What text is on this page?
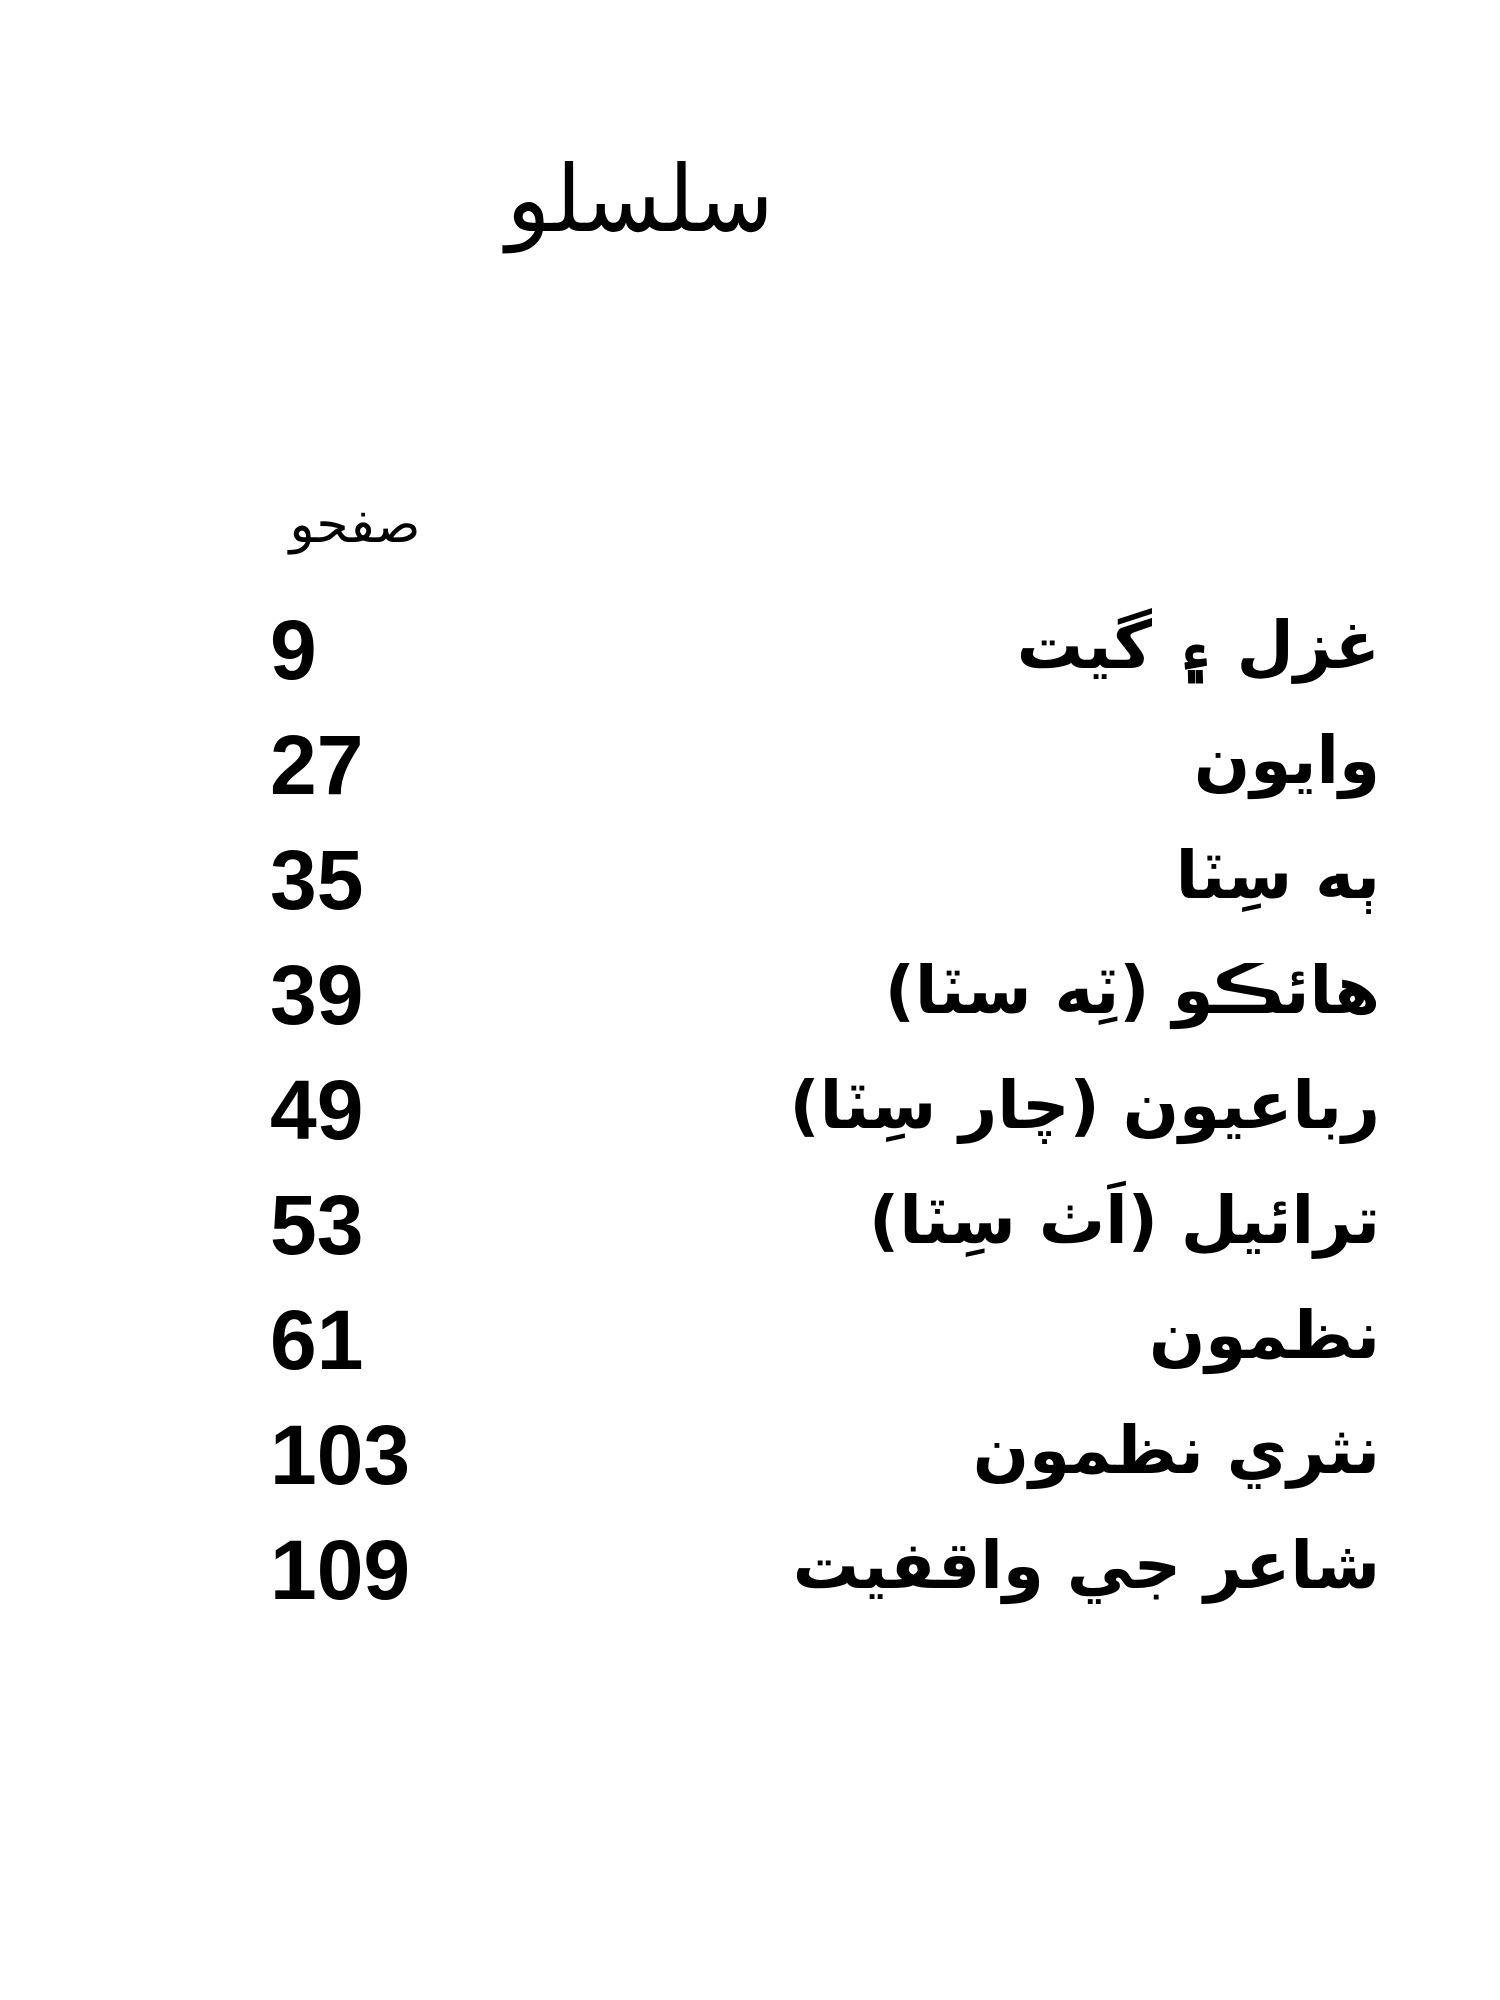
سلسلو
صفحو
9	غزل ۽ گيت
27	وايون
35	ٻه سِٽا
39	هائڪو (ٽِه سٽا)
49	رباعيون (چار سِٽا)
53	ترائيل (اَٺ سِٽا)
61	نظمون
103	نثري نظمون
109	شاعر جي واقفيت
